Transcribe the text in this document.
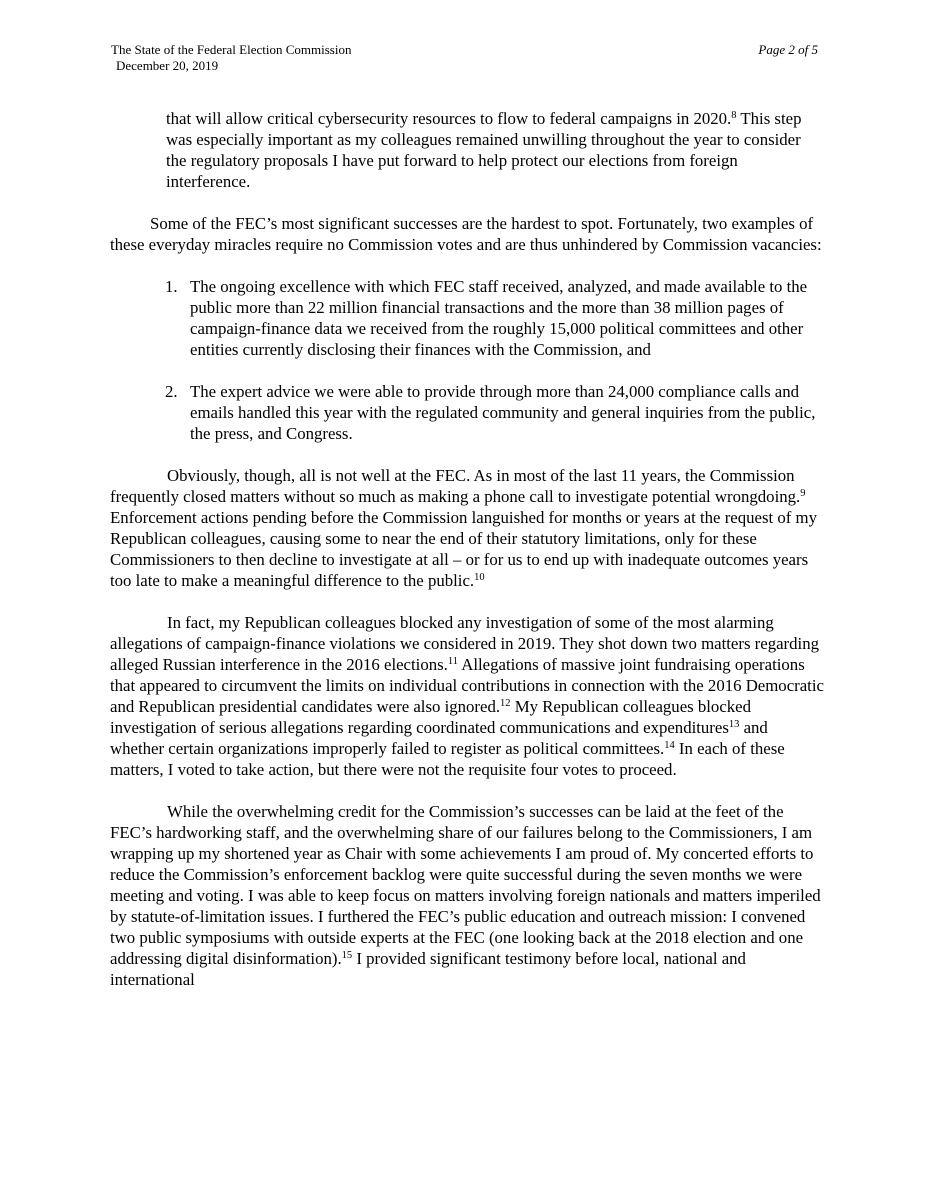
The State of the Federal Election Commission
December 20, 2019
Page 2 of 5

that will allow critical cybersecurity resources to flow to federal campaigns in 2020.$^8$ This step was especially important as my colleagues remained unwilling throughout the year to consider the regulatory proposals I have put forward to help protect our elections from foreign interference.

Some of the FEC’s most significant successes are the hardest to spot. Fortunately, two examples of these everyday miracles require no Commission votes and are thus unhindered by Commission vacancies:

1. The ongoing excellence with which FEC staff received, analyzed, and made available to the public more than 22 million financial transactions and the more than 38 million pages of campaign-finance data we received from the roughly 15,000 political committees and other entities currently disclosing their finances with the Commission, and
2. The expert advice we were able to provide through more than 24,000 compliance calls and emails handled this year with the regulated community and general inquiries from the public, the press, and Congress.

Obviously, though, all is not well at the FEC. As in most of the last 11 years, the Commission frequently closed matters without so much as making a phone call to investigate potential wrongdoing.$^9$ Enforcement actions pending before the Commission languished for months or years at the request of my Republican colleagues, causing some to near the end of their statutory limitations, only for these Commissioners to then decline to investigate at all – or for us to end up with inadequate outcomes years too late to make a meaningful difference to the public.$^{10}$

In fact, my Republican colleagues blocked any investigation of some of the most alarming allegations of campaign-finance violations we considered in 2019. They shot down two matters regarding alleged Russian interference in the 2016 elections.$^{11}$ Allegations of massive joint fundraising operations that appeared to circumvent the limits on individual contributions in connection with the 2016 Democratic and Republican presidential candidates were also ignored.$^{12}$ My Republican colleagues blocked investigation of serious allegations regarding coordinated communications and expenditures$^{13}$ and whether certain organizations improperly failed to register as political committees.$^{14}$ In each of these matters, I voted to take action, but there were not the requisite four votes to proceed.

While the overwhelming credit for the Commission’s successes can be laid at the feet of the FEC’s hardworking staff, and the overwhelming share of our failures belong to the Commissioners, I am wrapping up my shortened year as Chair with some achievements I am proud of. My concerted efforts to reduce the Commission’s enforcement backlog were quite successful during the seven months we were meeting and voting. I was able to keep focus on matters involving foreign nationals and matters imperiled by statute-of-limitation issues. I furthered the FEC’s public education and outreach mission: I convened two public symposiums with outside experts at the FEC (one looking back at the 2018 election and one addressing digital disinformation).$^{15}$ I provided significant testimony before local, national and international
